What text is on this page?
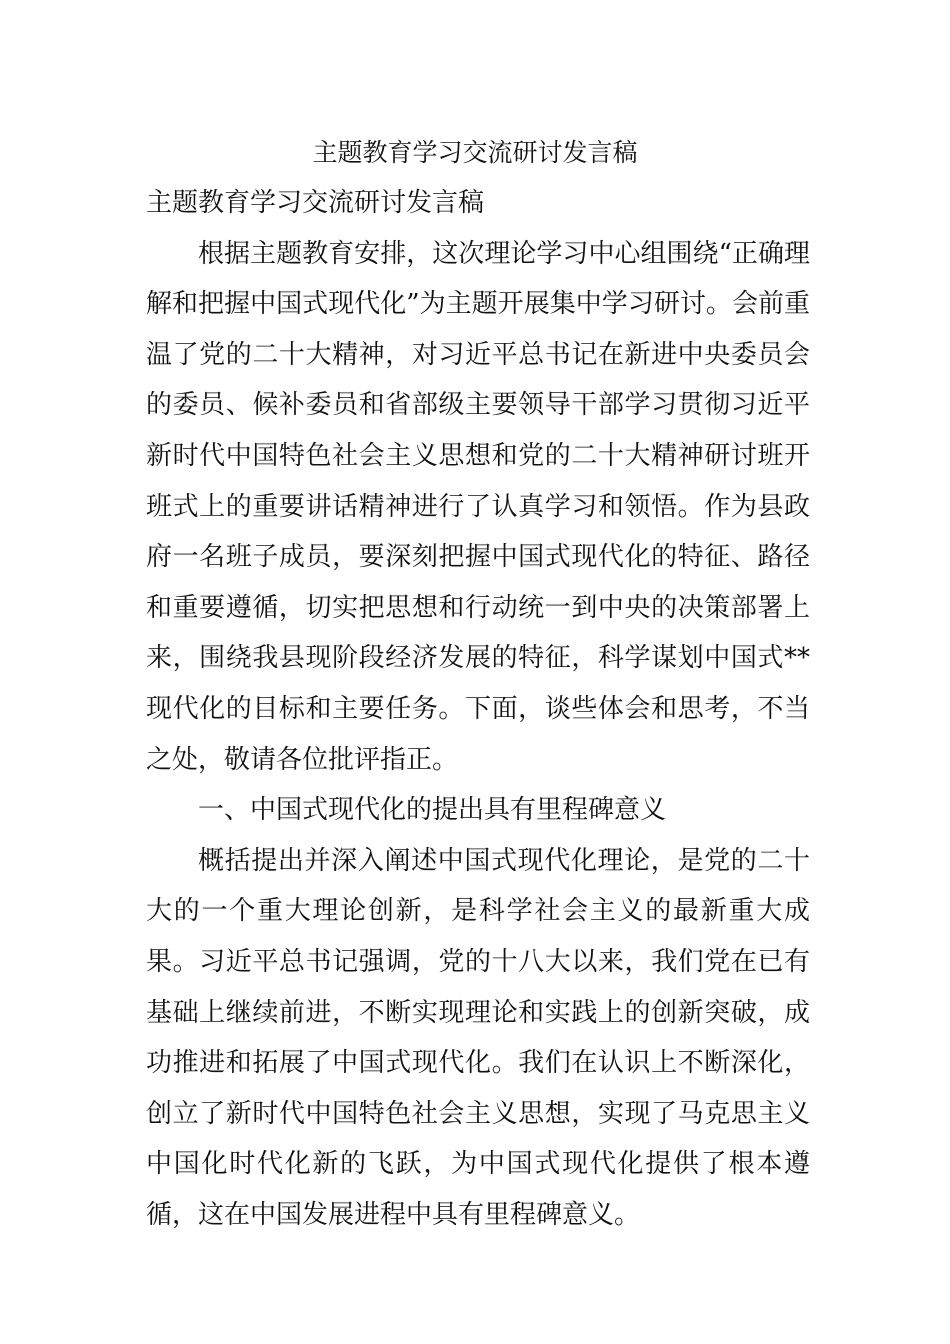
主题教育学习交流研讨发言稿

主题教育学习交流研讨发言稿

根据主题教育安排，这次理论学习中心组围绕“正确理解和把握中国式现代化”为主题开展集中学习研讨。会前重温了党的二十大精神，对习近平总书记在新进中央委员会的委员、候补委员和省部级主要领导干部学习贯彻习近平新时代中国特色社会主义思想和党的二十大精神研讨班开班式上的重要讲话精神进行了认真学习和领悟。作为县政府一名班子成员，要深刻把握中国式现代化的特征、路径和重要遵循，切实把思想和行动统一到中央的决策部署上来，围绕我县现阶段经济发展的特征，科学谋划中国式**现代化的目标和主要任务。下面，谈些体会和思考，不当之处，敬请各位批评指正。

一、中国式现代化的提出具有里程碑意义

概括提出并深入阐述中国式现代化理论，是党的二十大的一个重大理论创新，是科学社会主义的最新重大成果。习近平总书记强调，党的十八大以来，我们党在已有基础上继续前进，不断实现理论和实践上的创新突破，成功推进和拓展了中国式现代化。我们在认识上不断深化，创立了新时代中国特色社会主义思想，实现了马克思主义中国化时代化新的飞跃，为中国式现代化提供了根本遵循，这在中国发展进程中具有里程碑意义。
